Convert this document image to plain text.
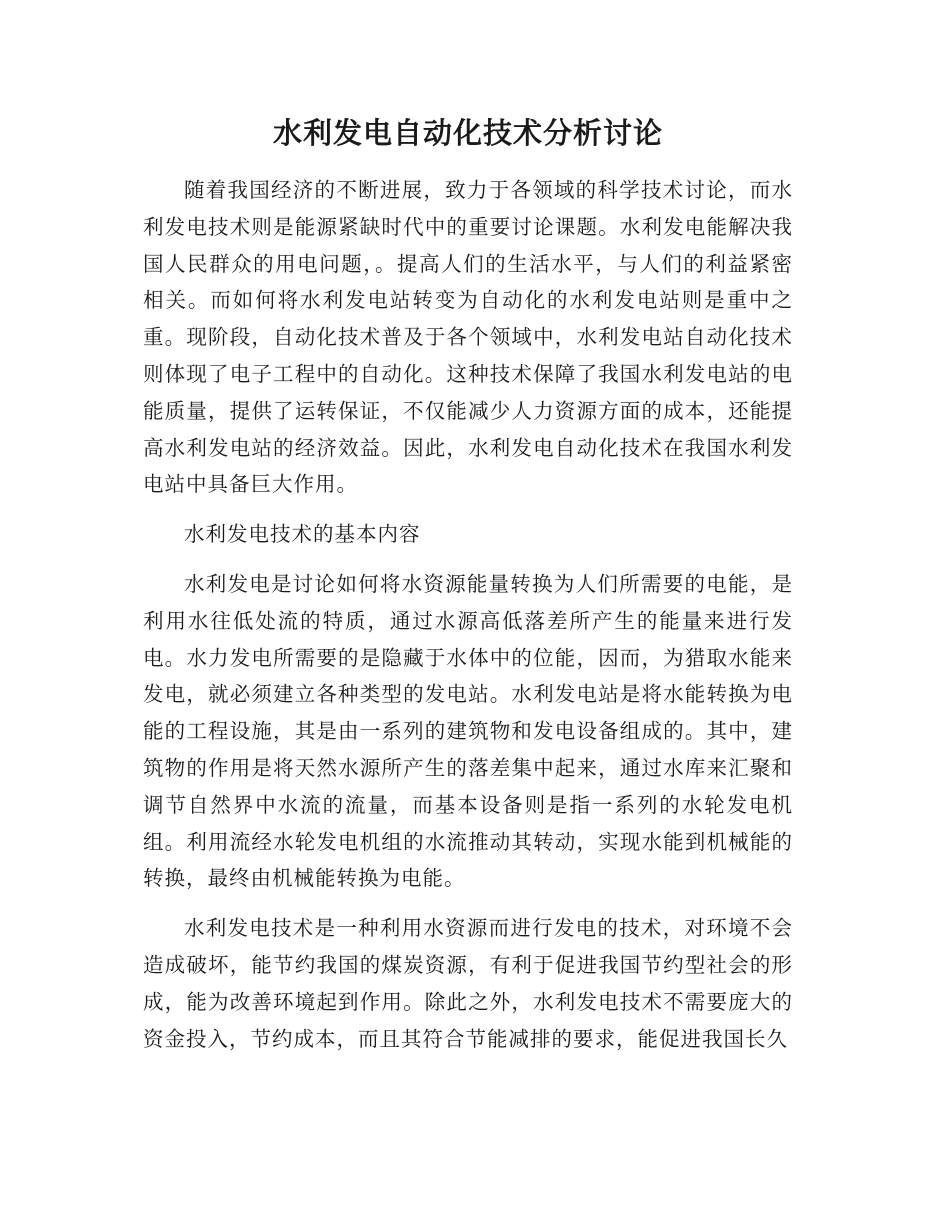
水利发电自动化技术分析讨论

随着我国经济的不断进展，致力于各领域的科学技术讨论，而水利发电技术则是能源紧缺时代中的重要讨论课题。水利发电能解决我国人民群众的用电问题，。提高人们的生活水平，与人们的利益紧密相关。而如何将水利发电站转变为自动化的水利发电站则是重中之重。现阶段，自动化技术普及于各个领域中，水利发电站自动化技术则体现了电子工程中的自动化。这种技术保障了我国水利发电站的电能质量，提供了运转保证，不仅能减少人力资源方面的成本，还能提高水利发电站的经济效益。因此，水利发电自动化技术在我国水利发电站中具备巨大作用。

水利发电技术的基本内容

水利发电是讨论如何将水资源能量转换为人们所需要的电能，是利用水往低处流的特质，通过水源高低落差所产生的能量来进行发电。水力发电所需要的是隐藏于水体中的位能，因而，为猎取水能来发电，就必须建立各种类型的发电站。水利发电站是将水能转换为电能的工程设施，其是由一系列的建筑物和发电设备组成的。其中，建筑物的作用是将天然水源所产生的落差集中起来，通过水库来汇聚和调节自然界中水流的流量，而基本设备则是指一系列的水轮发电机组。利用流经水轮发电机组的水流推动其转动，实现水能到机械能的转换，最终由机械能转换为电能。

水利发电技术是一种利用水资源而进行发电的技术，对环境不会造成破坏，能节约我国的煤炭资源，有利于促进我国节约型社会的形成，能为改善环境起到作用。除此之外，水利发电技术不需要庞大的资金投入，节约成本，而且其符合节能减排的要求，能促进我国长久
